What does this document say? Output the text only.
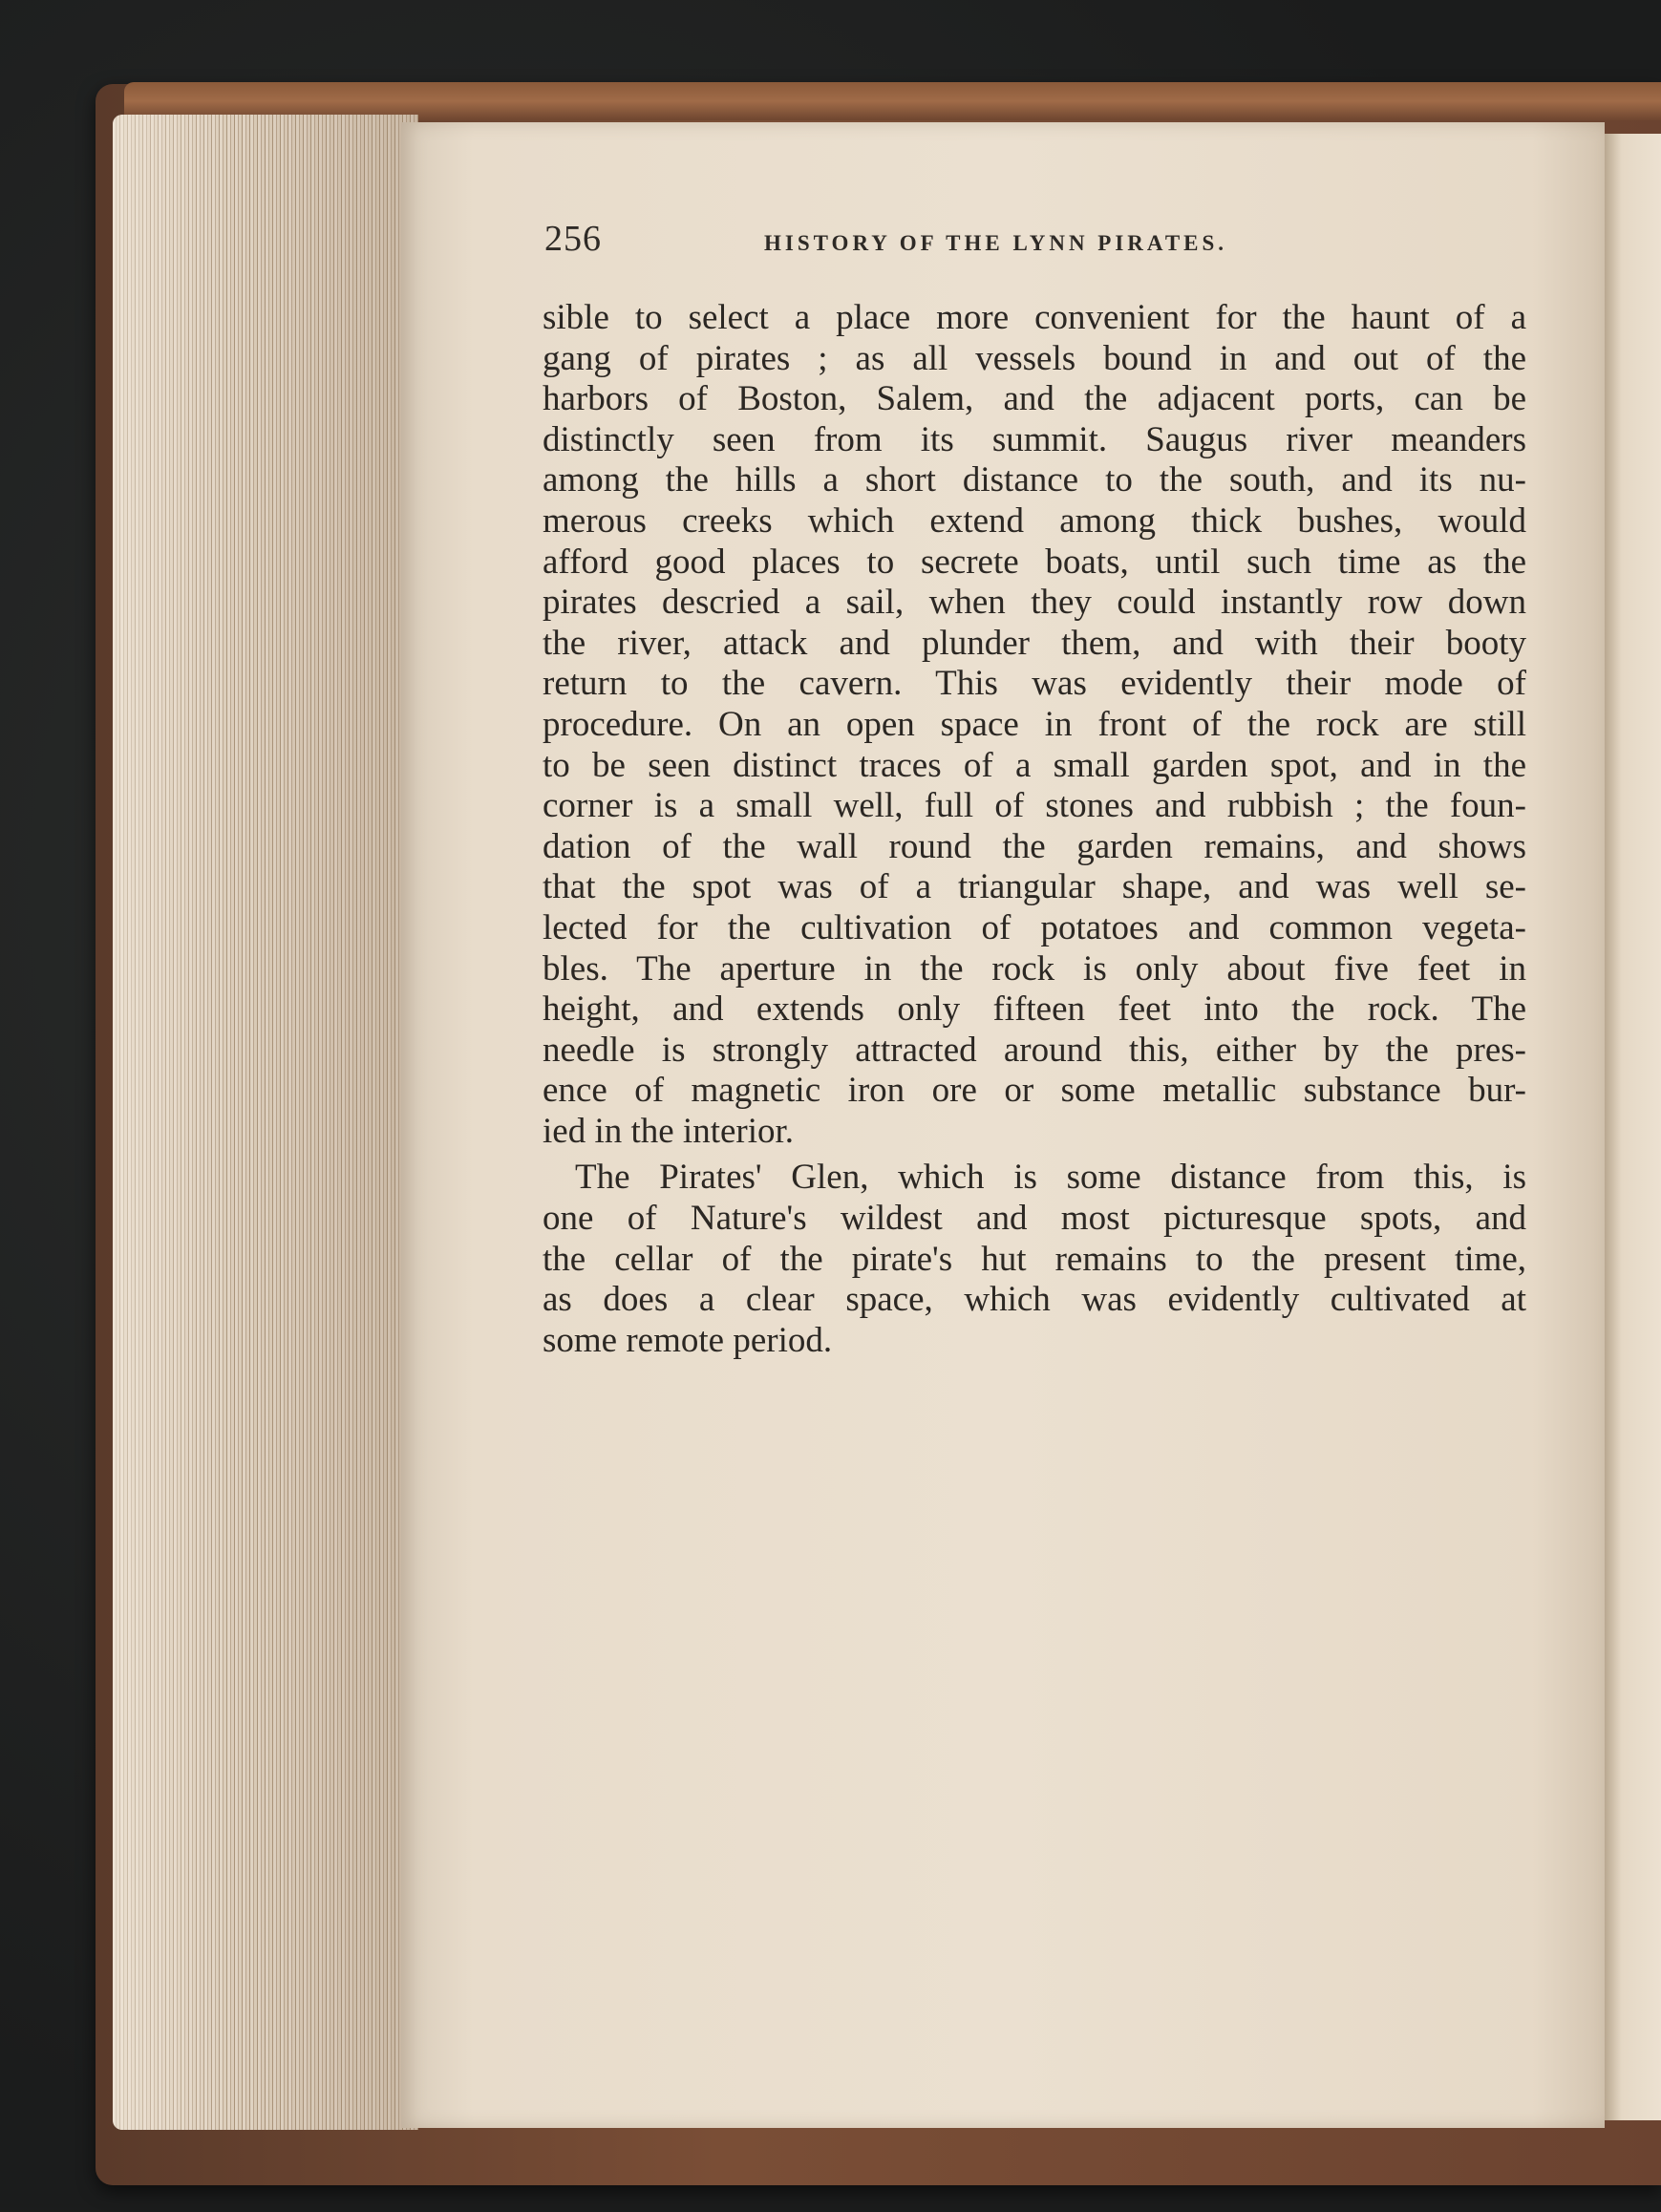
256	HISTORY OF THE LYNN PIRATES.
sible to select a place more convenient for the haunt of a
gang of pirates ; as all vessels bound in and out of the
harbors of Boston, Salem, and the adjacent ports, can be
distinctly seen from its summit. Saugus river meanders
among the hills a short distance to the south, and its nu-
merous creeks which extend among thick bushes, would
afford good places to secrete boats, until such time as the
pirates descried a sail, when they could instantly row down
the river, attack and plunder them, and with their booty
return to the cavern. This was evidently their mode of
procedure. On an open space in front of the rock are still
to be seen distinct traces of a small garden spot, and in the
corner is a small well, full of stones and rubbish ; the foun-
dation of the wall round the garden remains, and shows
that the spot was of a triangular shape, and was well se-
lected for the cultivation of potatoes and common vegeta-
bles. The aperture in the rock is only about five feet in
height, and extends only fifteen feet into the rock. The
needle is strongly attracted around this, either by the pres-
ence of magnetic iron ore or some metallic substance bur-
ied in the interior.
The Pirates' Glen, which is some distance from this, is
one of Nature's wildest and most picturesque spots, and
the cellar of the pirate's hut remains to the present time,
as does a clear space, which was evidently cultivated at
some remote period.
